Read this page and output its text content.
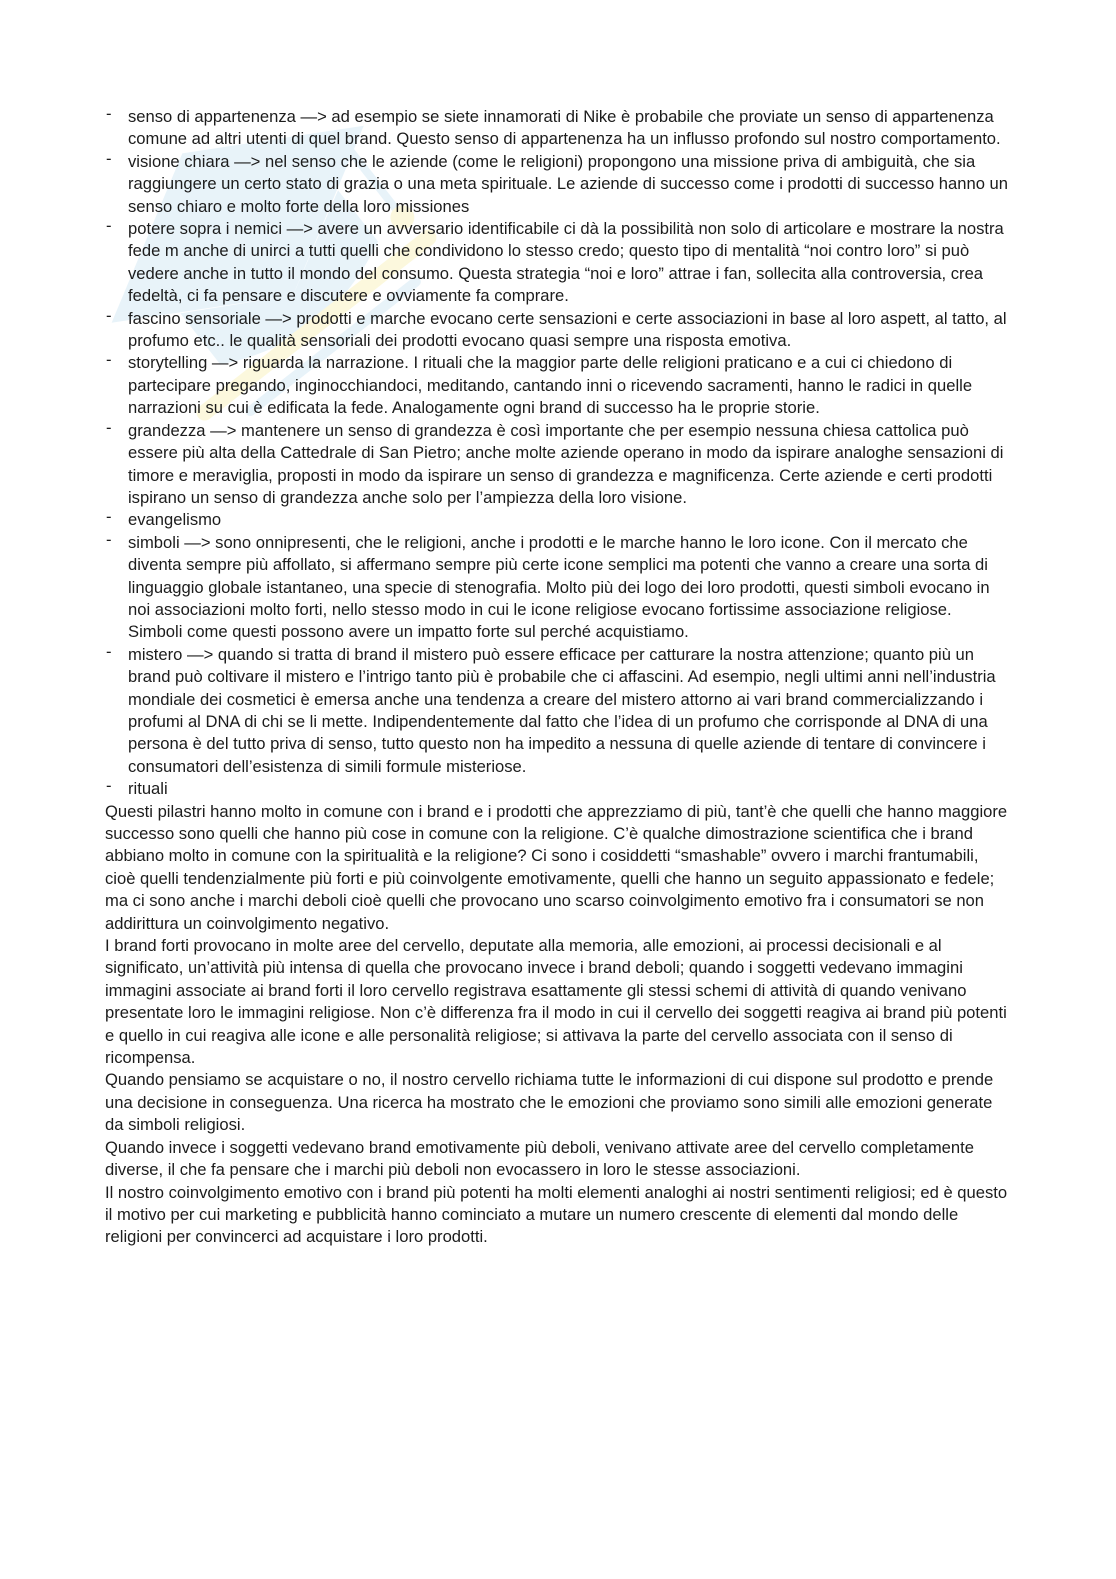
- senso di appartenenza —> ad esempio se siete innamorati di Nike è probabile che proviate un senso di appartenenza comune ad altri utenti di quel brand. Questo senso di appartenenza ha un influsso profondo sul nostro comportamento.
- visione chiara —> nel senso che le aziende (come le religioni) propongono una missione priva di ambiguità, che sia raggiungere un certo stato di grazia o una meta spirituale. Le aziende di successo come i prodotti di successo hanno un senso chiaro e molto forte della loro missiones
- potere sopra i nemici —> avere un avversario identificabile ci dà la possibilità non solo di articolare e mostrare la nostra fede m anche di unirci a tutti quelli che condividono lo stesso credo; questo tipo di mentalità “noi contro loro” si può vedere anche in tutto il mondo del consumo. Questa strategia “noi e loro” attrae i fan, sollecita alla controversia, crea fedeltà, ci fa pensare e discutere e ovviamente fa comprare.
- fascino sensoriale —> prodotti e marche evocano certe sensazioni e certe associazioni in base al loro aspett, al tatto, al profumo etc.. le qualità sensoriali dei prodotti evocano quasi sempre una risposta emotiva.
- storytelling —> riguarda la narrazione. I rituali che la maggior parte delle religioni praticano e a cui ci chiedono di partecipare pregando, inginocchiandoci, meditando, cantando inni o ricevendo sacramenti, hanno le radici in quelle narrazioni su cui è edificata la fede. Analogamente ogni brand di successo ha le proprie storie.
- grandezza —> mantenere un senso di grandezza è così importante che per esempio nessuna chiesa cattolica può essere più alta della Cattedrale di San Pietro; anche molte aziende operano in modo da ispirare analoghe sensazioni di timore e meraviglia, proposti in modo da ispirare un senso di grandezza e magnificenza. Certe aziende e certi prodotti ispirano un senso di grandezza anche solo per l’ampiezza della loro visione.
- evangelismo
- simboli —> sono onnipresenti, che le religioni, anche i prodotti e le marche hanno le loro icone. Con il mercato che diventa sempre più affollato, si affermano sempre più certe icone semplici ma potenti che vanno a creare una sorta di linguaggio globale istantaneo, una specie di stenografia. Molto più dei logo dei loro prodotti, questi simboli evocano in noi associazioni molto forti, nello stesso modo in cui le icone religiose evocano fortissime associazione religiose. Simboli come questi possono avere un impatto forte sul perché acquistiamo.
- mistero —> quando si tratta di brand il mistero può essere efficace per catturare la nostra attenzione; quanto più un brand può coltivare il mistero e l’intrigo tanto più è probabile che ci affascini. Ad esempio, negli ultimi anni nell’industria mondiale dei cosmetici è emersa anche una tendenza a creare del mistero attorno ai vari brand commercializzando i profumi al DNA di chi se li mette. Indipendentemente dal fatto che l’idea di un profumo che corrisponde al DNA di una persona è del tutto priva di senso, tutto questo non ha impedito a nessuna di quelle aziende di tentare di convincere i consumatori dell’esistenza di simili formule misteriose.
- rituali

Questi pilastri hanno molto in comune con i brand e i prodotti che apprezziamo di più, tant’è che quelli che hanno maggiore successo sono quelli che hanno più cose in comune con la religione. C’è qualche dimostrazione scientifica che i brand abbiano molto in comune con la spiritualità e la religione? Ci sono i cosiddetti “smashable” ovvero i marchi frantumabili, cioè quelli tendenzialmente più forti e più coinvolgente emotivamente, quelli che hanno un seguito appassionato e fedele; ma ci sono anche i marchi deboli cioè quelli che provocano uno scarso coinvolgimento emotivo fra i consumatori se non addirittura un coinvolgimento negativo.

I brand forti provocano in molte aree del cervello, deputate alla memoria, alle emozioni, ai processi decisionali e al significato, un’attività più intensa di quella che provocano invece i brand deboli; quando i soggetti vedevano immagini immagini associate ai brand forti il loro cervello registrava esattamente gli stessi schemi di attività di quando venivano presentate loro le immagini religiose. Non c’è differenza fra il modo in cui il cervello dei soggetti reagiva ai brand più potenti e quello in cui reagiva alle icone e alle personalità religiose; si attivava la parte del cervello associata con il senso di ricompensa.

Quando pensiamo se acquistare o no, il nostro cervello richiama tutte le informazioni di cui dispone sul prodotto e prende una decisione in conseguenza. Una ricerca ha mostrato che le emozioni che proviamo sono simili alle emozioni generate da simboli religiosi.

Quando invece i soggetti vedevano brand emotivamente più deboli, venivano attivate aree del cervello completamente diverse, il che fa pensare che i marchi più deboli non evocassero in loro le stesse associazioni.

Il nostro coinvolgimento emotivo con i brand più potenti ha molti elementi analoghi ai nostri sentimenti religiosi; ed è questo il motivo per cui marketing e pubblicità hanno cominciato a mutare un numero crescente di elementi dal mondo delle religioni per convincerci ad acquistare i loro prodotti.
